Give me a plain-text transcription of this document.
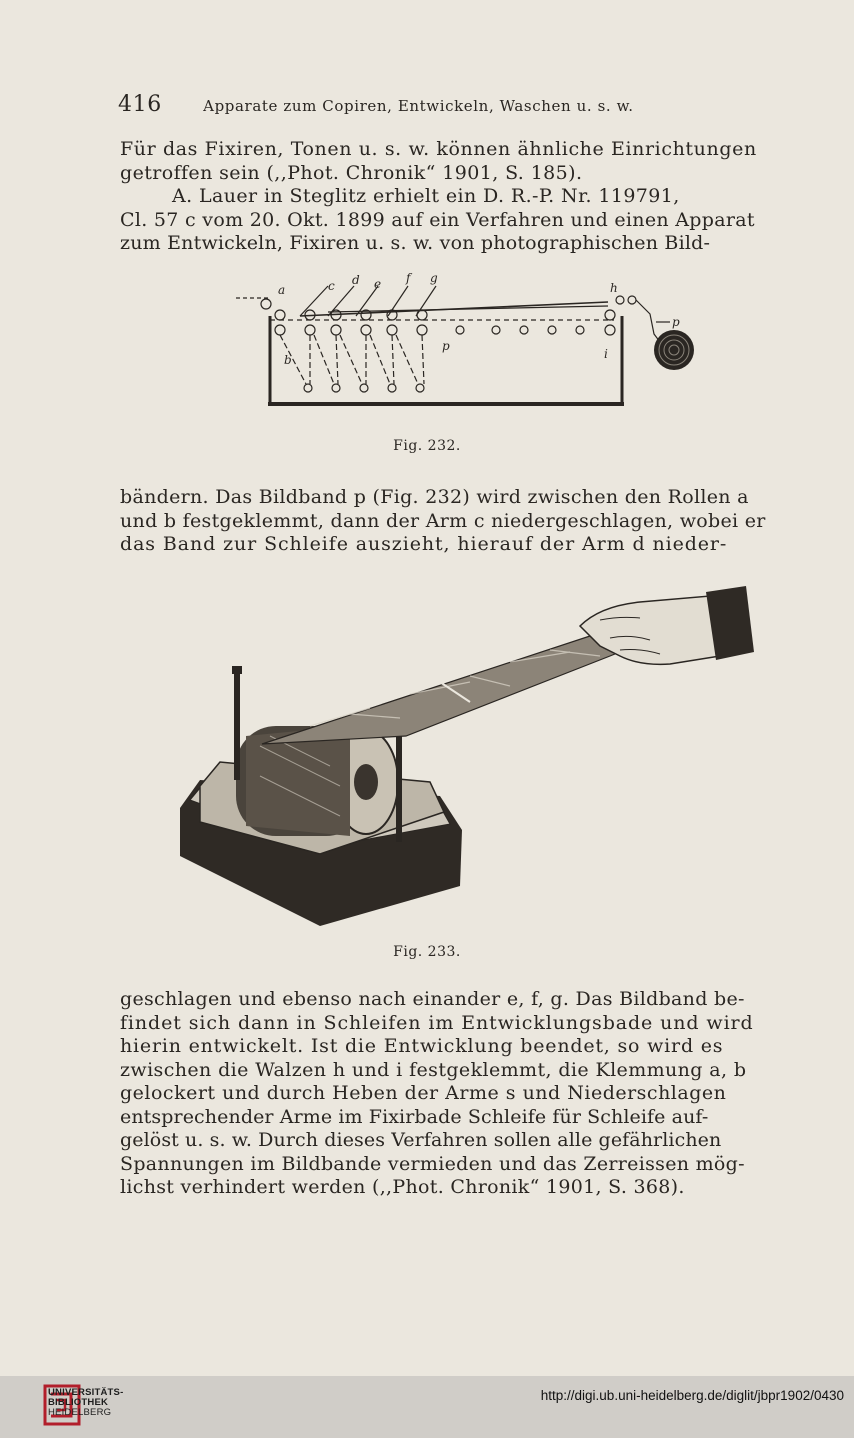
416	Apparate zum Copiren, Entwickeln, Waschen u. s. w.
Für das Fixiren, Tonen u. s. w. können ähnliche Einrichtungen
getroffen sein (,,Phot. Chronik“ 1901, S. 185).
A. Lauer in Steglitz erhielt ein D. R.-P. Nr. 119791,
Cl. 57 c vom 20. Okt. 1899 auf ein Verfahren und einen Apparat
zum Entwickeln, Fixiren u. s. w. von photographischen Bild-
a	c d e f g
h
p
b
p
i
Fig. 232.
bändern. Das Bildband p (Fig. 232) wird zwischen den Rollen a
und b festgeklemmt, dann der Arm c niedergeschlagen, wobei er
das Band zur Schleife auszieht, hierauf der Arm d nieder-
Fig. 233.
geschlagen und ebenso nach einander e, f, g. Das Bildband be-
findet sich dann in Schleifen im Entwicklungsbade und wird
hierin entwickelt. Ist die Entwicklung beendet, so wird es
zwischen die Walzen h und i festgeklemmt, die Klemmung a, b
gelockert und durch Heben der Arme s und Niederschlagen
entsprechender Arme im Fixirbade Schleife für Schleife auf-
gelöst u. s. w. Durch dieses Verfahren sollen alle gefährlichen
Spannungen im Bildbande vermieden und das Zerreissen mög-
lichst verhindert werden (,,Phot. Chronik“ 1901, S. 368).
UNIVERSITÄTS-
BIBLIOTHEK
HEIDELBERG
http://digi.ub.uni-heidelberg.de/diglit/jbpr1902/0430
